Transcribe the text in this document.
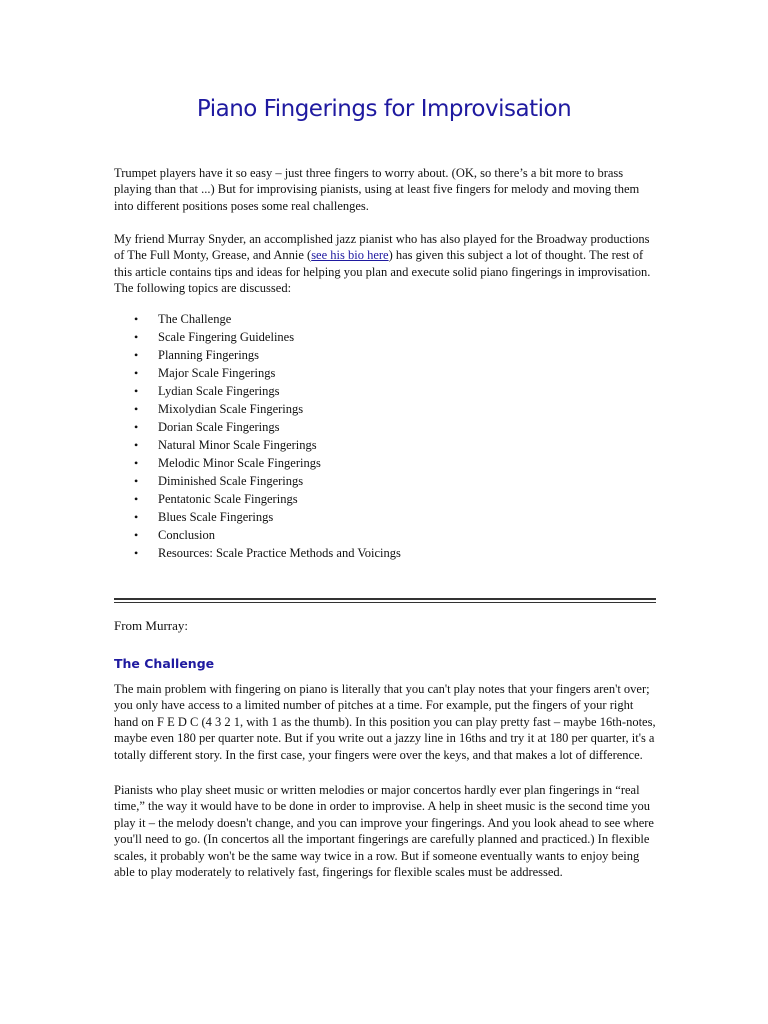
Piano Fingerings for Improvisation

Trumpet players have it so easy – just three fingers to worry about. (OK, so there’s a bit more to brass playing than that ...) But for improvising pianists, using at least five fingers for melody and moving them into different positions poses some real challenges.

My friend Murray Snyder, an accomplished jazz pianist who has also played for the Broadway productions of The Full Monty, Grease, and Annie (see his bio here) has given this subject a lot of thought. The rest of this article contains tips and ideas for helping you plan and execute solid piano fingerings in improvisation. The following topics are discussed:

• The Challenge
• Scale Fingering Guidelines
• Planning Fingerings
• Major Scale Fingerings
• Lydian Scale Fingerings
• Mixolydian Scale Fingerings
• Dorian Scale Fingerings
• Natural Minor Scale Fingerings
• Melodic Minor Scale Fingerings
• Diminished Scale Fingerings
• Pentatonic Scale Fingerings
• Blues Scale Fingerings
• Conclusion
• Resources: Scale Practice Methods and Voicings

From Murray:

The Challenge

The main problem with fingering on piano is literally that you can't play notes that your fingers aren't over; you only have access to a limited number of pitches at a time. For example, put the fingers of your right hand on F E D C (4 3 2 1, with 1 as the thumb). In this position you can play pretty fast – maybe 16th-notes, maybe even 180 per quarter note. But if you write out a jazzy line in 16ths and try it at 180 per quarter, it's a totally different story. In the first case, your fingers were over the keys, and that makes a lot of difference.

Pianists who play sheet music or written melodies or major concertos hardly ever plan fingerings in “real time,” the way it would have to be done in order to improvise. A help in sheet music is the second time you play it – the melody doesn't change, and you can improve your fingerings. And you look ahead to see where you'll need to go. (In concertos all the important fingerings are carefully planned and practiced.) In flexible scales, it probably won't be the same way twice in a row. But if someone eventually wants to enjoy being able to play moderately to relatively fast, fingerings for flexible scales must be addressed.
